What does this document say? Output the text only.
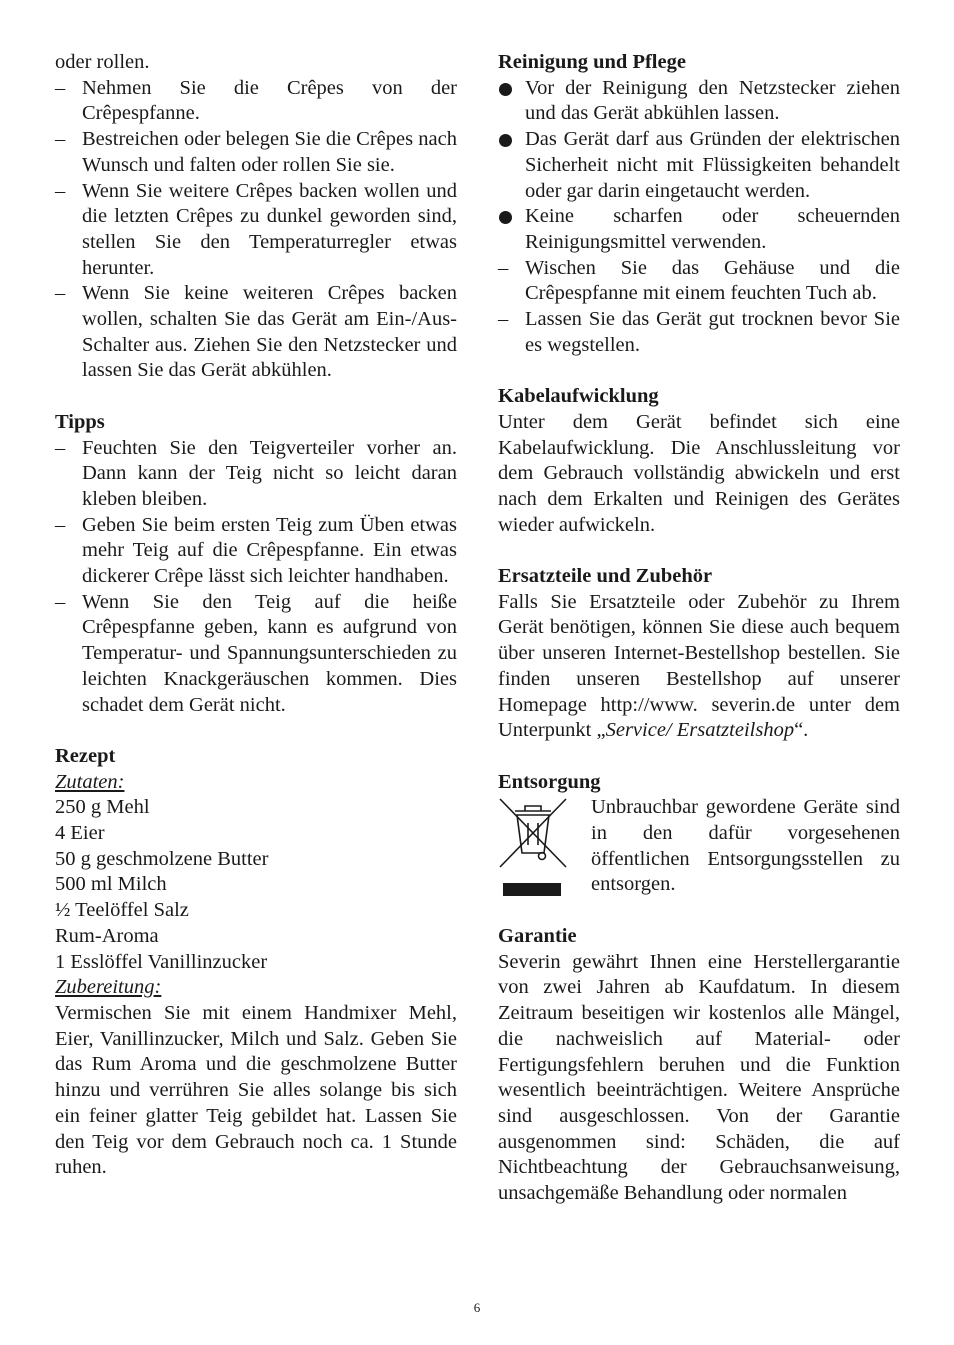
oder rollen.

– Nehmen Sie die Crêpes von der Crêpespfanne.
– Bestreichen oder belegen Sie die Crêpes nach Wunsch und falten oder rollen Sie sie.
– Wenn Sie weitere Crêpes backen wollen und die letzten Crêpes zu dunkel geworden sind, stellen Sie den Temperaturregler etwas herunter.
– Wenn Sie keine weiteren Crêpes backen wollen, schalten Sie das Gerät am Ein-/Aus-Schalter aus. Ziehen Sie den Netzstecker und lassen Sie das Gerät abkühlen.

Tipps

– Feuchten Sie den Teigverteiler vorher an. Dann kann der Teig nicht so leicht daran kleben bleiben.
– Geben Sie beim ersten Teig zum Üben etwas mehr Teig auf die Crêpespfanne. Ein etwas dickerer Crêpe lässt sich leichter handhaben.
– Wenn Sie den Teig auf die heiße Crêpespfanne geben, kann es aufgrund von Temperatur- und Spannungsunterschieden zu leichten Knackgeräuschen kommen. Dies schadet dem Gerät nicht.

Rezept

Zutaten:

250 g Mehl

4 Eier

50 g geschmolzene Butter

500 ml Milch

½ Teelöffel Salz

Rum-Aroma

1 Esslöffel Vanillinzucker

Zubereitung:

Vermischen Sie mit einem Handmixer Mehl, Eier, Vanillinzucker, Milch und Salz. Geben Sie das Rum Aroma und die geschmolzene Butter hinzu und verrühren Sie alles solange bis sich ein feiner glatter Teig gebildet hat. Lassen Sie den Teig vor dem Gebrauch noch ca. 1 Stunde ruhen.

Reinigung und Pflege

Vor der Reinigung den Netzstecker ziehen und das Gerät abkühlen lassen.
Das Gerät darf aus Gründen der elektrischen Sicherheit nicht mit Flüssigkeiten behandelt oder gar darin eingetaucht werden.
Keine scharfen oder scheuernden Reinigungsmittel verwenden.
– Wischen Sie das Gehäuse und die Crêpespfanne mit einem feuchten Tuch ab.
– Lassen Sie das Gerät gut trocknen bevor Sie es wegstellen.

Kabelaufwicklung

Unter dem Gerät befindet sich eine Kabelaufwicklung. Die Anschlussleitung vor dem Gebrauch vollständig abwickeln und erst nach dem Erkalten und Reinigen des Gerätes wieder aufwickeln.

Ersatzteile und Zubehör

Falls Sie Ersatzteile oder Zubehör zu Ihrem Gerät benötigen, können Sie diese auch bequem über unseren Internet-Bestellshop bestellen. Sie finden unseren Bestellshop auf unserer Homepage http://www. severin.de unter dem Unterpunkt „Service/ Ersatzteilshop“.

Entsorgung

Unbrauchbar gewordene Geräte sind in den dafür vorgesehenen öffentlichen Entsorgungsstellen zu entsorgen.

Garantie

Severin gewährt Ihnen eine Herstellergarantie von zwei Jahren ab Kaufdatum. In diesem Zeitraum beseitigen wir kostenlos alle Mängel, die nachweislich auf Material- oder Fertigungsfehlern beruhen und die Funktion wesentlich beeinträchtigen. Weitere Ansprüche sind ausgeschlossen. Von der Garantie ausgenommen sind: Schäden, die auf Nichtbeachtung der Gebrauchsanweisung, unsachgemäße Behandlung oder normalen

6
